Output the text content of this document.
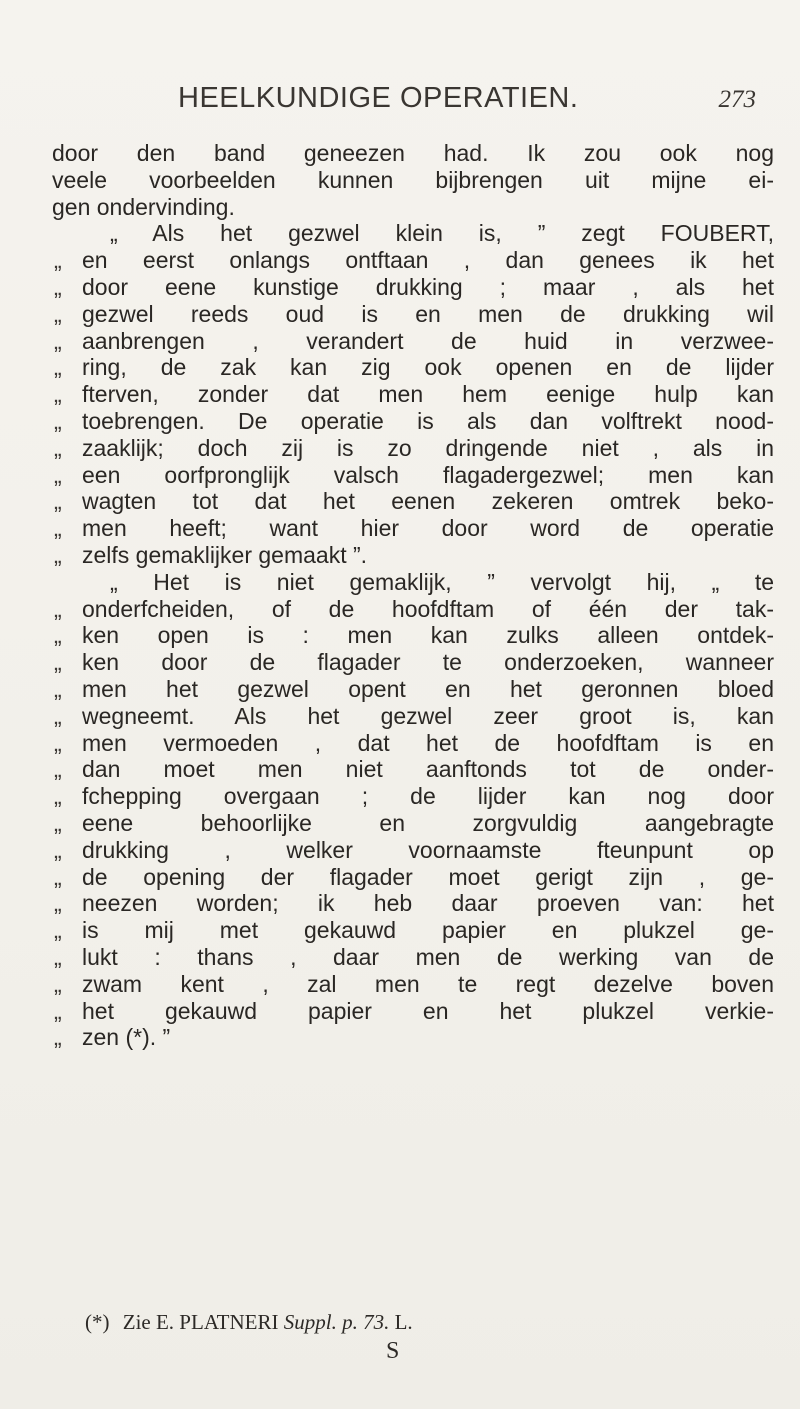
HEELKUNDIGE OPERATIEN.	273
door den band geneezen had. Ik zou ook nog
veele voorbeelden kunnen bijbrengen uit mijne ei-
gen ondervinding.
„ Als het gezwel klein is, ” zegt FOUBERT,
„ en eerst onlangs ontftaan , dan genees ik het
„ door eene kunstige drukking ; maar , als het
„ gezwel reeds oud is en men de drukking wil
„ aanbrengen , verandert de huid in verzwee-
„ ring, de zak kan zig ook openen en de lijder
„ fterven, zonder dat men hem eenige hulp kan
„ toebrengen. De operatie is als dan volftrekt nood-
„ zaaklijk; doch zij is zo dringende niet , als in
„ een oorfpronglijk valsch flagadergezwel; men kan
„ wagten tot dat het eenen zekeren omtrek beko-
„ men heeft; want hier door word de operatie
„ zelfs gemaklijker gemaakt ”.
„ Het is niet gemaklijk, ” vervolgt hij, „ te
„ onderfcheiden, of de hoofdftam of één der tak-
„ ken open is : men kan zulks alleen ontdek-
„ ken door de flagader te onderzoeken, wanneer
„ men het gezwel opent en het geronnen bloed
„ wegneemt. Als het gezwel zeer groot is, kan
„ men vermoeden , dat het de hoofdftam is en
„ dan moet men niet aanftonds tot de onder-
„ fchepping overgaan ; de lijder kan nog door
„ eene behoorlijke en zorgvuldig aangebragte
„ drukking , welker voornaamste fteunpunt op
„ de opening der flagader moet gerigt zijn , ge-
„ neezen worden; ik heb daar proeven van: het
„ is mij met gekauwd papier en plukzel ge-
„ lukt : thans , daar men de werking van de
„ zwam kent , zal men te regt dezelve boven
„ het gekauwd papier en het plukzel verkie-
„ zen (*). ”
(*) Zie E. PLATNERI Suppl. p. 73. L.
S
